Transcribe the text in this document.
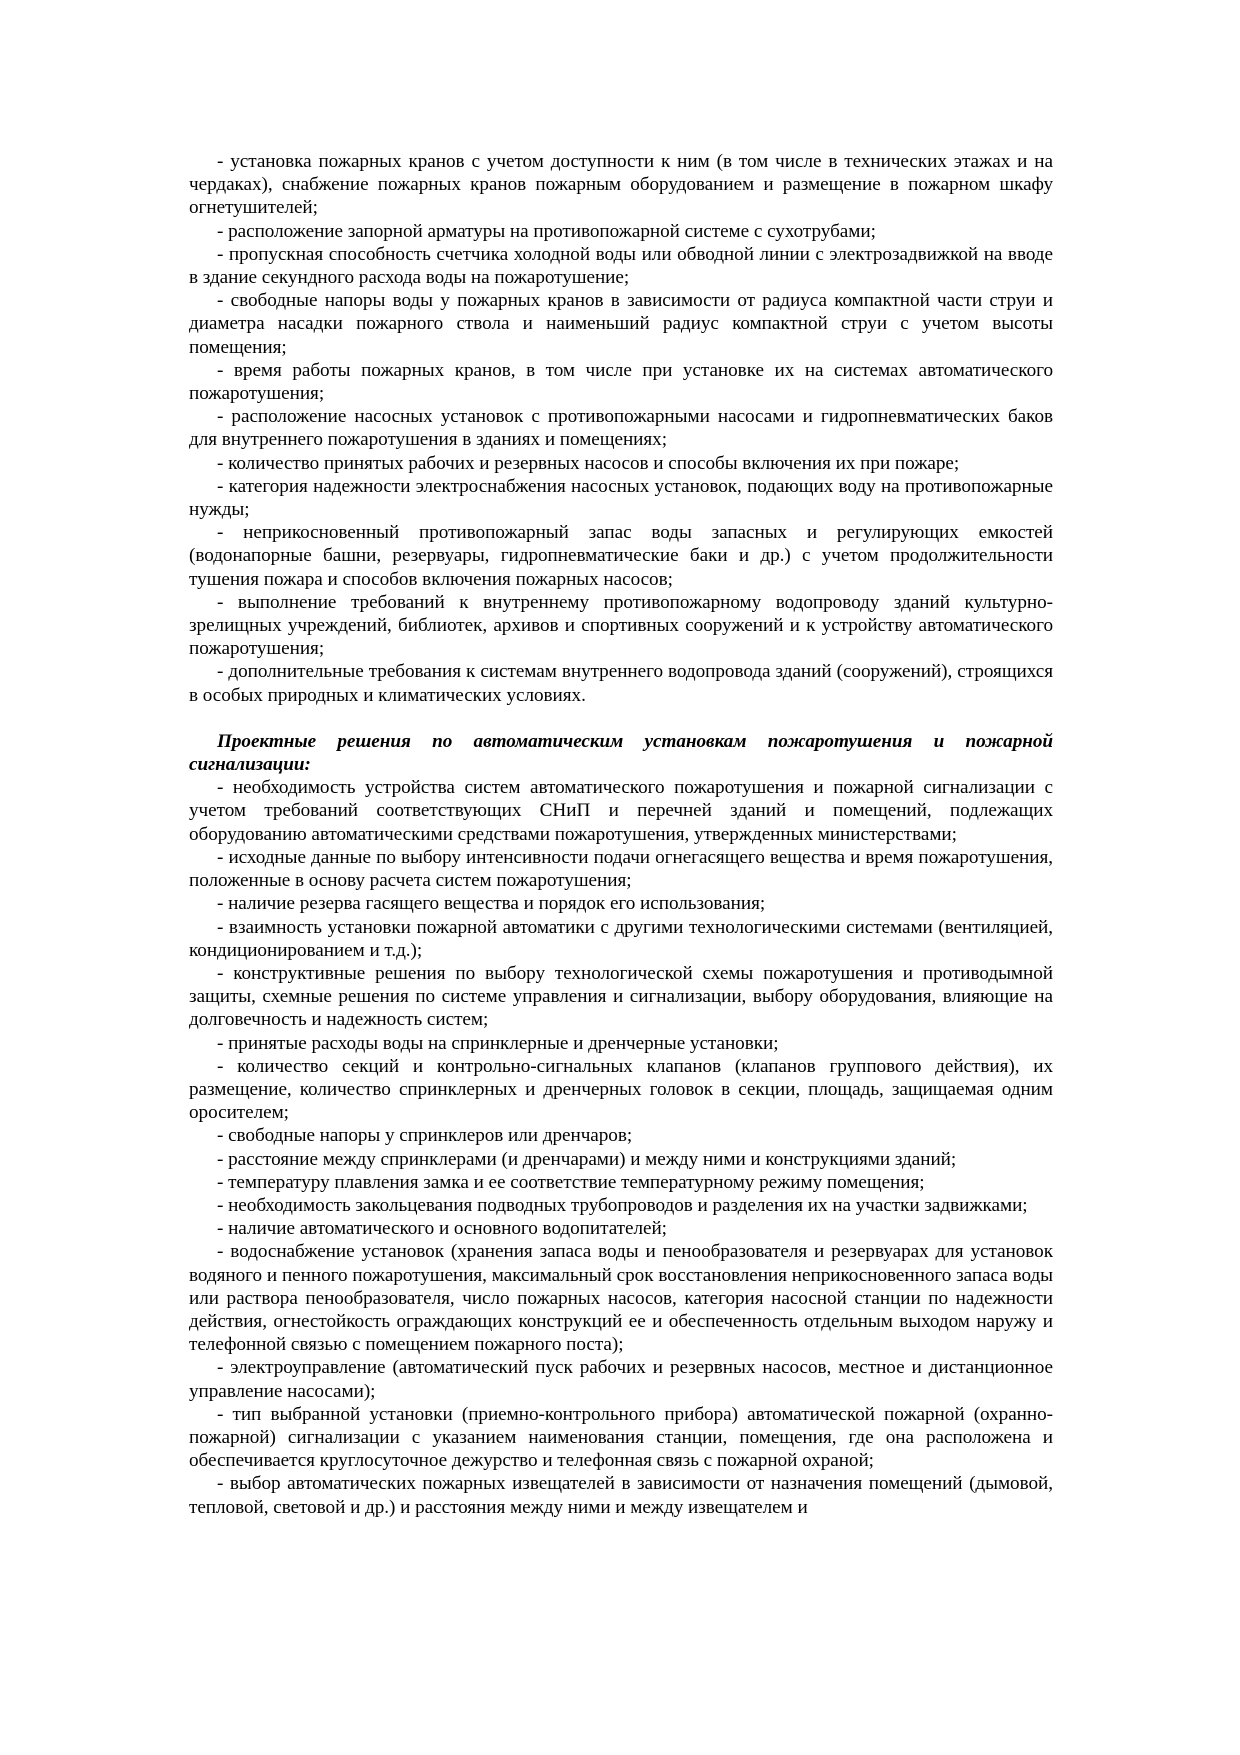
- установка пожарных кранов с учетом доступности к ним (в том числе в технических этажах и на чердаках), снабжение пожарных кранов пожарным оборудованием и размещение в пожарном шкафу огнетушителей;

- расположение запорной арматуры на противопожарной системе с сухотрубами;

- пропускная способность счетчика холодной воды или обводной линии с электрозадвижкой на вводе в здание секундного расхода воды на пожаротушение;

- свободные напоры воды у пожарных кранов в зависимости от радиуса компактной части струи и диаметра насадки пожарного ствола и наименьший радиус компактной струи с учетом высоты помещения;

- время работы пожарных кранов, в том числе при установке их на системах автоматического пожаротушения;

- расположение насосных установок с противопожарными насосами и гидропневматических баков для внутреннего пожаротушения в зданиях и помещениях;

- количество принятых рабочих и резервных насосов и способы включения их при пожаре;

- категория надежности электроснабжения насосных установок, подающих воду на противопожарные нужды;

- неприкосновенный противопожарный запас воды запасных и регулирующих емкостей (водонапорные башни, резервуары, гидропневматические баки и др.) с учетом продолжительности тушения пожара и способов включения пожарных насосов;

- выполнение требований к внутреннему противопожарному водопроводу зданий культурно-зрелищных учреждений, библиотек, архивов и спортивных сооружений и к устройству автоматического пожаротушения;

- дополнительные требования к системам внутреннего водопровода зданий (сооружений), строящихся в особых природных и климатических условиях.

Проектные решения по автоматическим установкам пожаротушения и пожарной сигнализации:

- необходимость устройства систем автоматического пожаротушения и пожарной сигнализации с учетом требований соответствующих СНиП и перечней зданий и помещений, подлежащих оборудованию автоматическими средствами пожаротушения, утвержденных министерствами;

- исходные данные по выбору интенсивности подачи огнегасящего вещества и время пожаротушения, положенные в основу расчета систем пожаротушения;

- наличие резерва гасящего вещества и порядок его использования;

- взаимность установки пожарной автоматики с другими технологическими системами (вентиляцией, кондиционированием и т.д.);

- конструктивные решения по выбору технологической схемы пожаротушения и противодымной защиты, схемные решения по системе управления и сигнализации, выбору оборудования, влияющие на долговечность и надежность систем;

- принятые расходы воды на спринклерные и дренчерные установки;

- количество секций и контрольно-сигнальных клапанов (клапанов группового действия), их размещение, количество спринклерных и дренчерных головок в секции, площадь, защищаемая одним оросителем;

- свободные напоры у спринклеров или дренчаров;

- расстояние между спринклерами (и дренчарами) и между ними и конструкциями зданий;

- температуру плавления замка и ее соответствие температурному режиму помещения;

- необходимость закольцевания подводных трубопроводов и разделения их на участки задвижками;

- наличие автоматического и основного водопитателей;

- водоснабжение установок (хранения запаса воды и пенообразователя и резервуарах для установок водяного и пенного пожаротушения, максимальный срок восстановления неприкосновенного запаса воды или раствора пенообразователя, число пожарных насосов, категория насосной станции по надежности действия, огнестойкость ограждающих конструкций ее и обеспеченность отдельным выходом наружу и телефонной связью с помещением пожарного поста);

- электроуправление (автоматический пуск рабочих и резервных насосов, местное и дистанционное управление насосами);

- тип выбранной установки (приемно-контрольного прибора) автоматической пожарной (охранно-пожарной) сигнализации с указанием наименования станции, помещения, где она расположена и обеспечивается круглосуточное дежурство и телефонная связь с пожарной охраной;

- выбор автоматических пожарных извещателей в зависимости от назначения помещений (дымовой, тепловой, световой и др.) и расстояния между ними и между извещателем и
